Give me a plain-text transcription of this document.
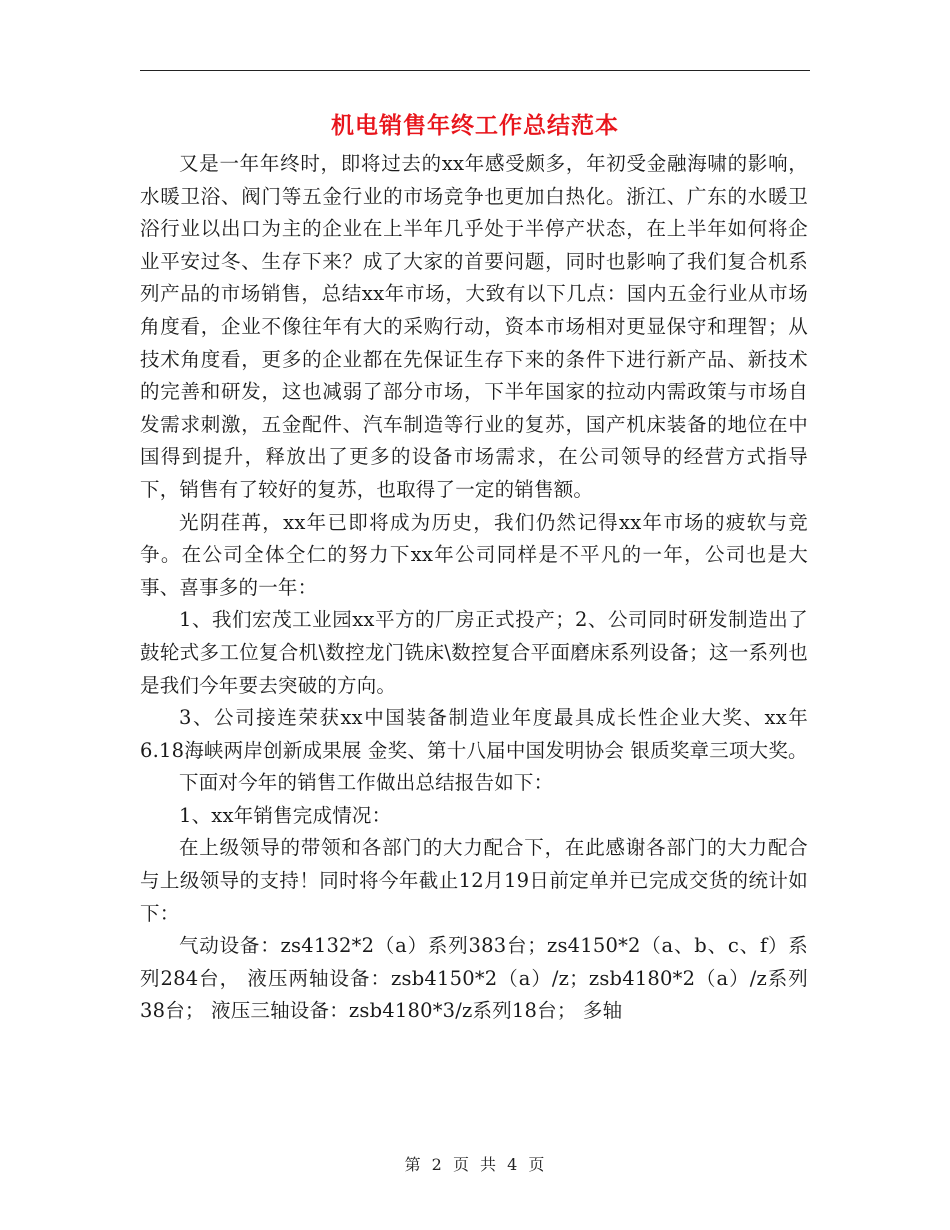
机电销售年终工作总结范本

又是一年年终时，即将过去的xx年感受颇多，年初受金融海啸的影响，水暖卫浴、阀门等五金行业的市场竞争也更加白热化。浙江、广东的水暖卫浴行业以出口为主的企业在上半年几乎处于半停产状态，在上半年如何将企业平安过冬、生存下来？成了大家的首要问题，同时也影响了我们复合机系列产品的市场销售，总结xx年市场，大致有以下几点：国内五金行业从市场角度看，企业不像往年有大的采购行动，资本市场相对更显保守和理智；从技术角度看，更多的企业都在先保证生存下来的条件下进行新产品、新技术的完善和研发，这也减弱了部分市场，下半年国家的拉动内需政策与市场自发需求刺激，五金配件、汽车制造等行业的复苏，国产机床装备的地位在中国得到提升，释放出了更多的设备市场需求，在公司领导的经营方式指导下，销售有了较好的复苏，也取得了一定的销售额。

光阴荏苒，xx年已即将成为历史，我们仍然记得xx年市场的疲软与竞争。在公司全体仝仁的努力下xx年公司同样是不平凡的一年，公司也是大事、喜事多的一年：

1、我们宏茂工业园xx平方的厂房正式投产；2、公司同时研发制造出了鼓轮式多工位复合机\数控龙门铣床\数控复合平面磨床系列设备；这一系列也是我们今年要去突破的方向。

3、公司接连荣获xx中国装备制造业年度最具成长性企业大奖、xx年6.18海峡两岸创新成果展 金奖、第十八届中国发明协会 银质奖章三项大奖。

下面对今年的销售工作做出总结报告如下：

1、xx年销售完成情况：

在上级领导的带领和各部门的大力配合下，在此感谢各部门的大力配合与上级领导的支持！同时将今年截止12月19日前定单并已完成交货的统计如下：

气动设备：zs4132*2（a）系列383台；zs4150*2（a、b、c、f）系列284台， 液压两轴设备：zsb4150*2（a）/z；zsb4180*2（a）/z系列38台； 液压三轴设备：zsb4180*3/z系列18台； 多轴

第 2 页 共 4 页
